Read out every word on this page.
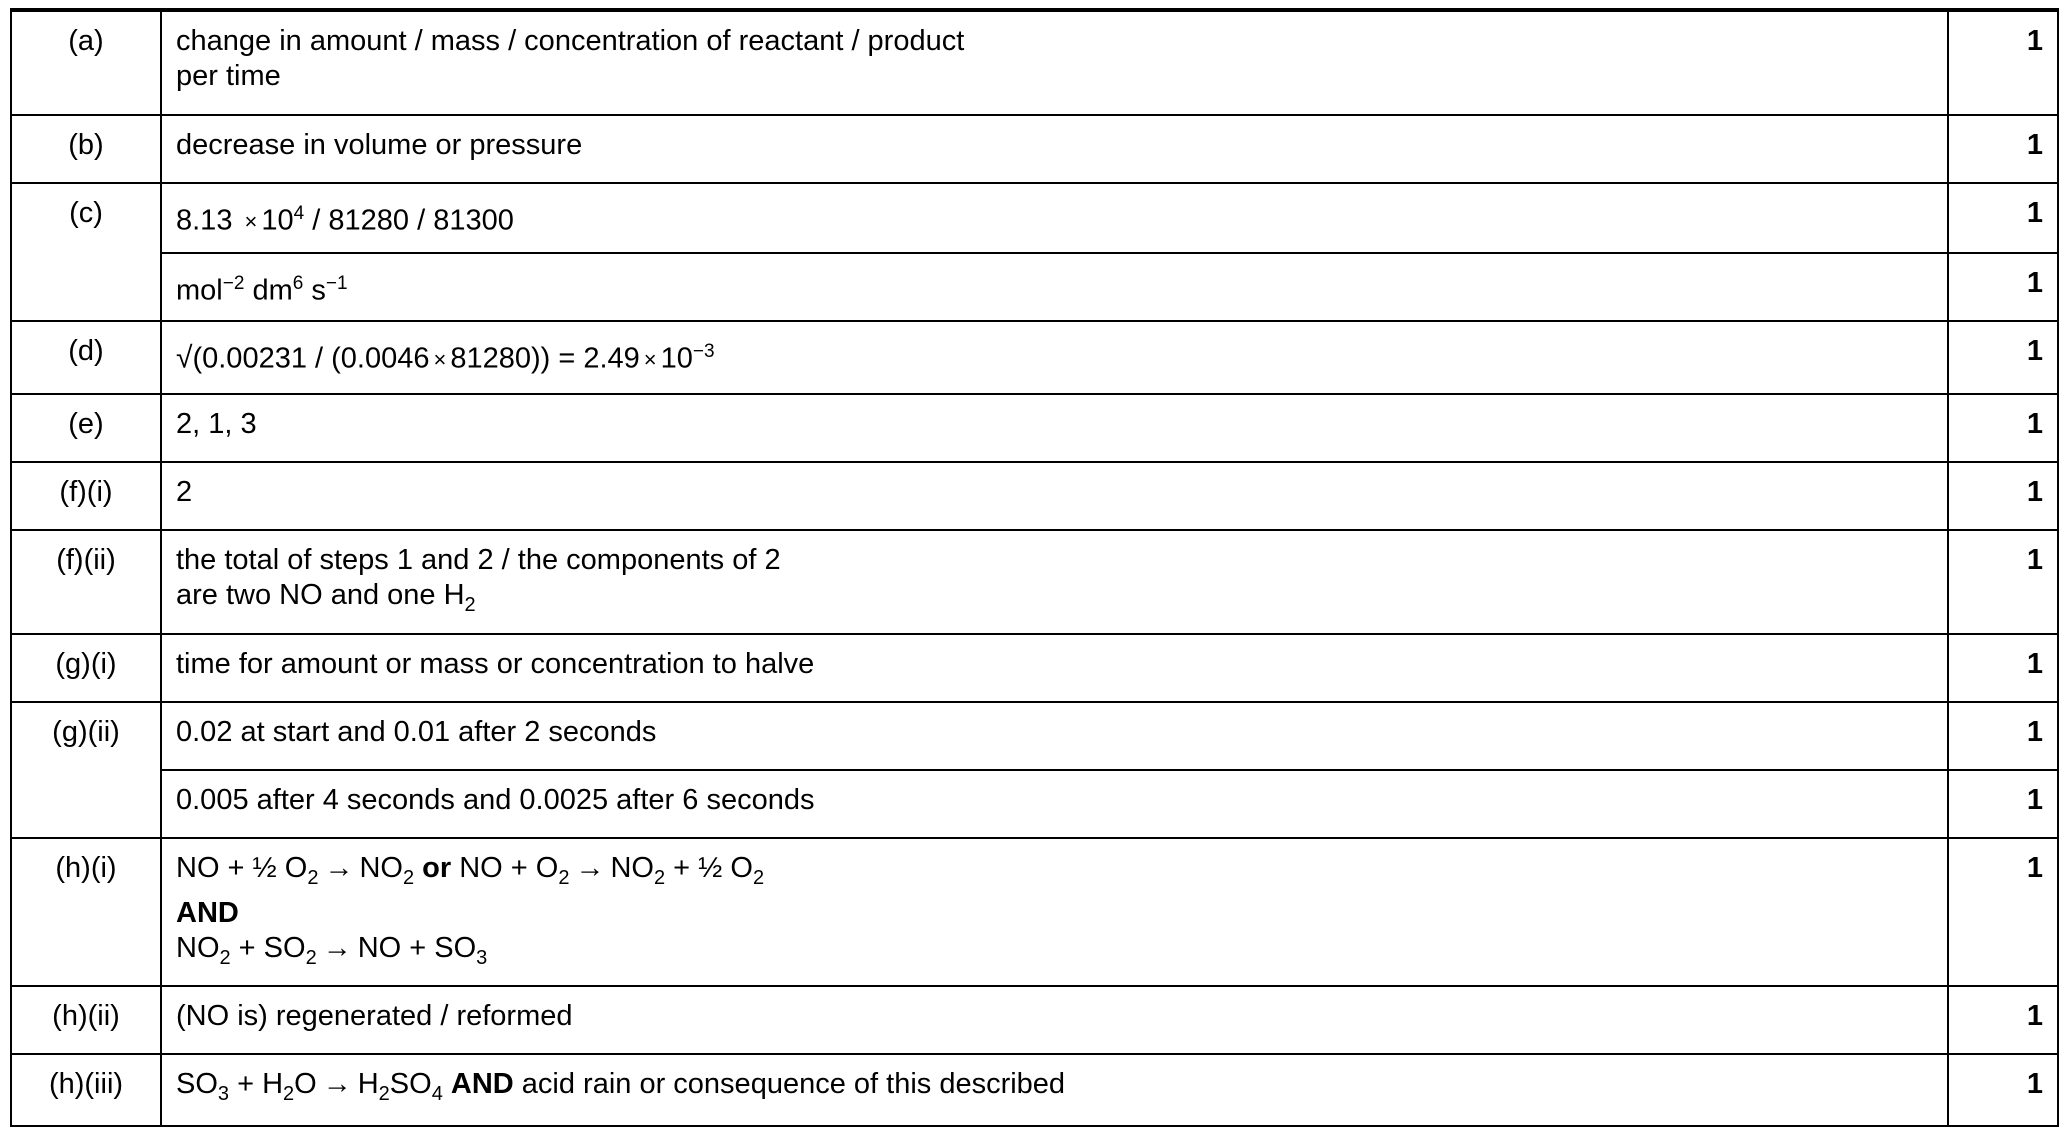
(a)	change in amount / mass / concentration of reactant / product
per time	1
(b)	decrease in volume or pressure	1
(c)	$8.13 \times 10^4 / 81280 / 81300$	1
	mol$^{-2}$ $dm^6$ $s^{-1}$	1
(d)	$√(0.00231 / (0.0046 \times 81280)) = 2.49 \times 10^{-3}$	1
(e)	2, 1, 3	1
(f)(i)	2	1
(f)(ii)	the total of steps 1 and 2 / the components of 2
are two NO and one $H_2$	1
(g)(i)	time for amount or mass or concentration to halve	1
(g)(ii)	0.02 at start and 0.01 after 2 seconds	1
	0.005 after 4 seconds and 0.0025 after 6 seconds	1
(h)(i)	NO + ½ $O_2 \to NO_2$ or NO + $O_2 \to NO_2$ + ½ $O_2$
AND
$NO_2 + SO_2$ → NO + $SO_3$	1
(h)(ii)	(NO is) regenerated / reformed	1
(h)(iii)	$SO_3 + H_2O \to H_2SO_4$ AND acid rain or consequence of this described	1
